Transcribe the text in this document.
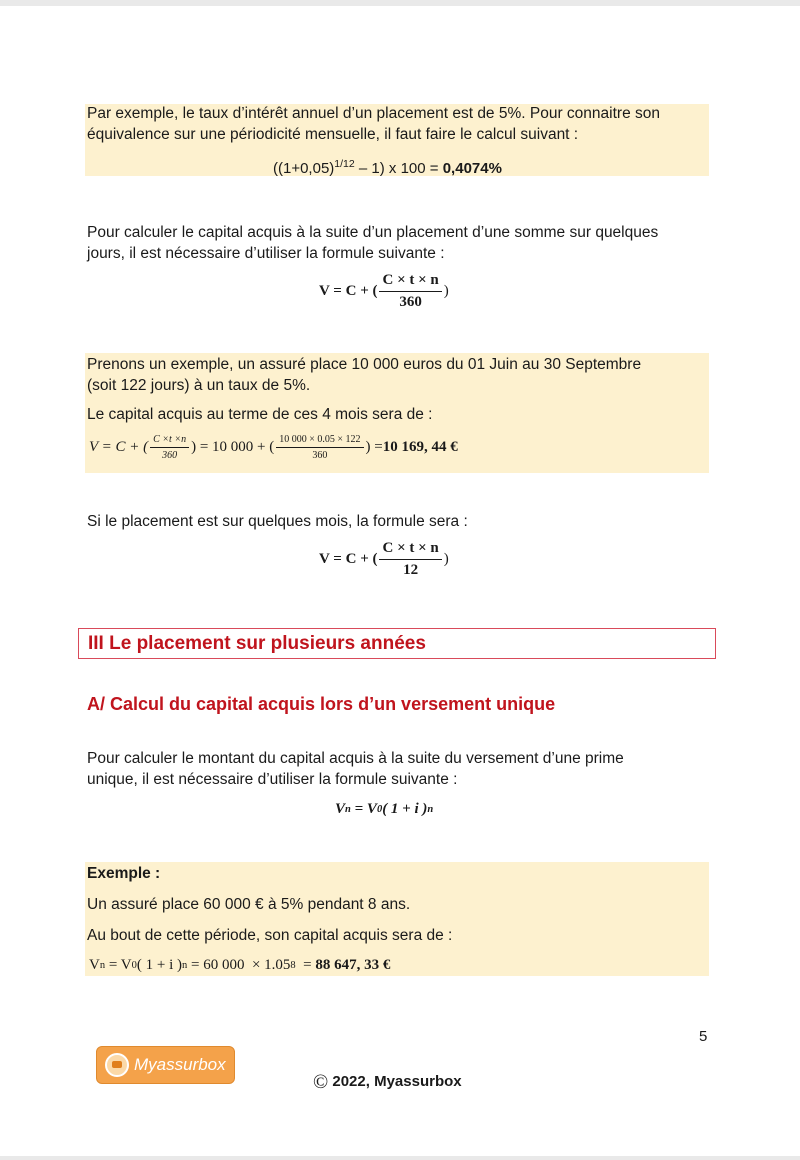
Par exemple, le taux d’intérêt annuel d’un placement est de 5%. Pour connaitre son
équivalence sur une périodicité mensuelle, il faut faire le calcul suivant :
$((1+0,05)^{1/12} - 1)$ x 100 = 0,4074%
Pour calculer le capital acquis à la suite d’un placement d’une somme sur quelques
jours, il est nécessaire d’utiliser la formule suivante :
V = C + ( $\frac{C \times t \times n}{360}$ )
Prenons un exemple, un assuré place 10 000 euros du 01 Juin au 30 Septembre
(soit 122 jours) à un taux de 5%.
Le capital acquis au terme de ces 4 mois sera de :
V = C + ( $\frac{C \times t \times n}{360}$ ) = 10 000 + ( $\frac{10 000 \times 0.05 \times 122}{360}$ ) = 10 169, 44 €
Si le placement est sur quelques mois, la formule sera :
V = C + ( $\frac{C \times t \times n}{12}$ )
III Le placement sur plusieurs années
A/ Calcul du capital acquis lors d’un versement unique
Pour calculer le montant du capital acquis à la suite du versement d’une prime
unique, il est nécessaire d’utiliser la formule suivante :
V n = V 0 ( 1 + i ) n
Exemple :
Un assuré place 60 000 € à 5% pendant 8 ans.
Au bout de cette période, son capital acquis sera de :
V n = V 0 ( 1 + i ) n = 60 000  × 1.05 8 = 88 647, 33 €
5
Myassurbox
© 2022, Myassurbox
